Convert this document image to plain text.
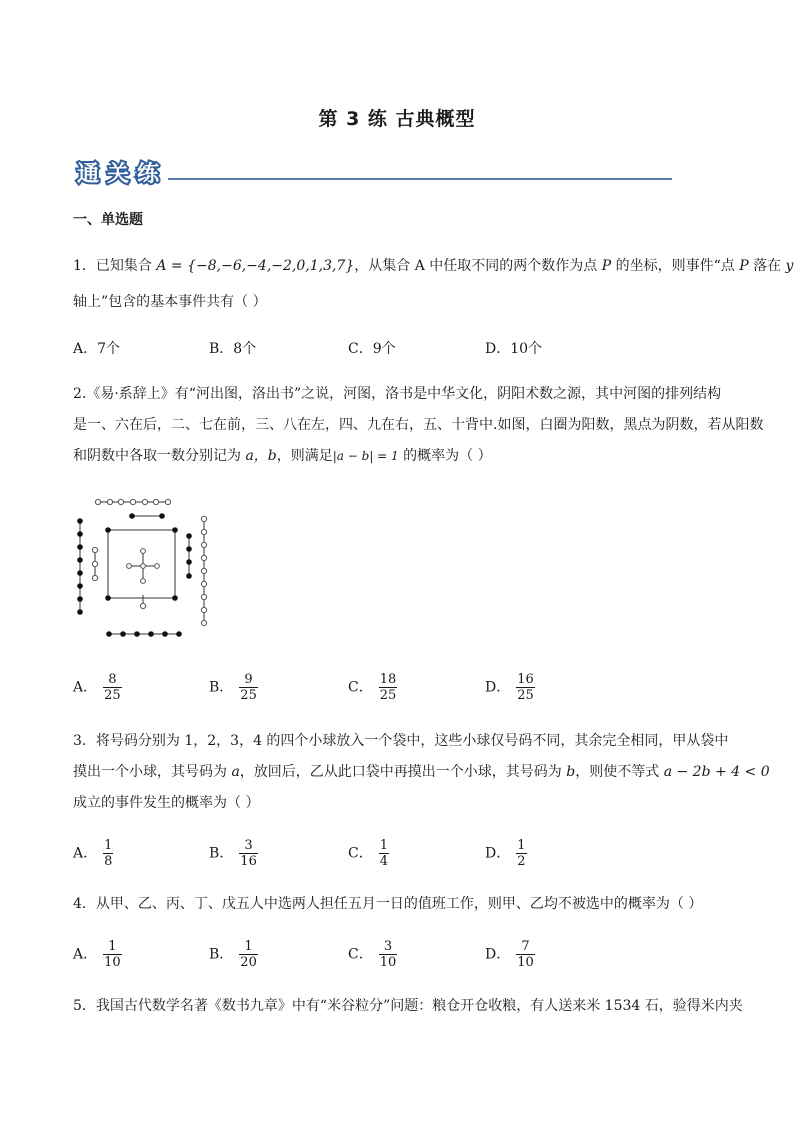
第 3 练 古典概型
通 关 练
一、单选题
1．已知集合 A = {−8,−6,−4,−2,0,1,3,7}，从集合 A 中任取不同的两个数作为点 P 的坐标，则事件“点 P 落在 y
轴上”包含的基本事件共有（ ）
A．7个	B．8个	C．9个	D．10个
2.《易·系辞上》有“河出图，洛出书”之说，河图，洛书是中华文化，阴阳术数之源，其中河图的排列结构
是一、六在后，二、七在前，三、八在左，四、九在右，五、十背中.如图，白圈为阳数，黑点为阴数，若从阳数
和阴数中各取一数分别记为 a，b，则满足|a − b| = 1 的概率为（ ）
A． $\frac{8}{25}$	B． $\frac{9}{25}$	C． $\frac{18}{25}$	D． $\frac{16}{25}$
3．将号码分别为 1，2，3，4 的四个小球放入一个袋中，这些小球仅号码不同，其余完全相同，甲从袋中
摸出一个小球，其号码为 a，放回后，乙从此口袋中再摸出一个小球，其号码为 b，则使不等式 a − 2b + 4 < 0
成立的事件发生的概率为（ ）
A． $\frac{1}{8}$	B． $\frac{3}{16}$	C． $\frac{1}{4}$	D． $\frac{1}{2}$
4．从甲、乙、丙、丁、戊五人中选两人担任五月一日的值班工作，则甲、乙均不被选中的概率为（ ）
A． $\frac{1}{10}$	B． $\frac{1}{20}$	C． $\frac{3}{10}$	D． $\frac{7}{10}$
5．我国古代数学名著《数书九章》中有“米谷粒分”问题：粮仓开仓收粮，有人送来米 1534 石，验得米内夹
